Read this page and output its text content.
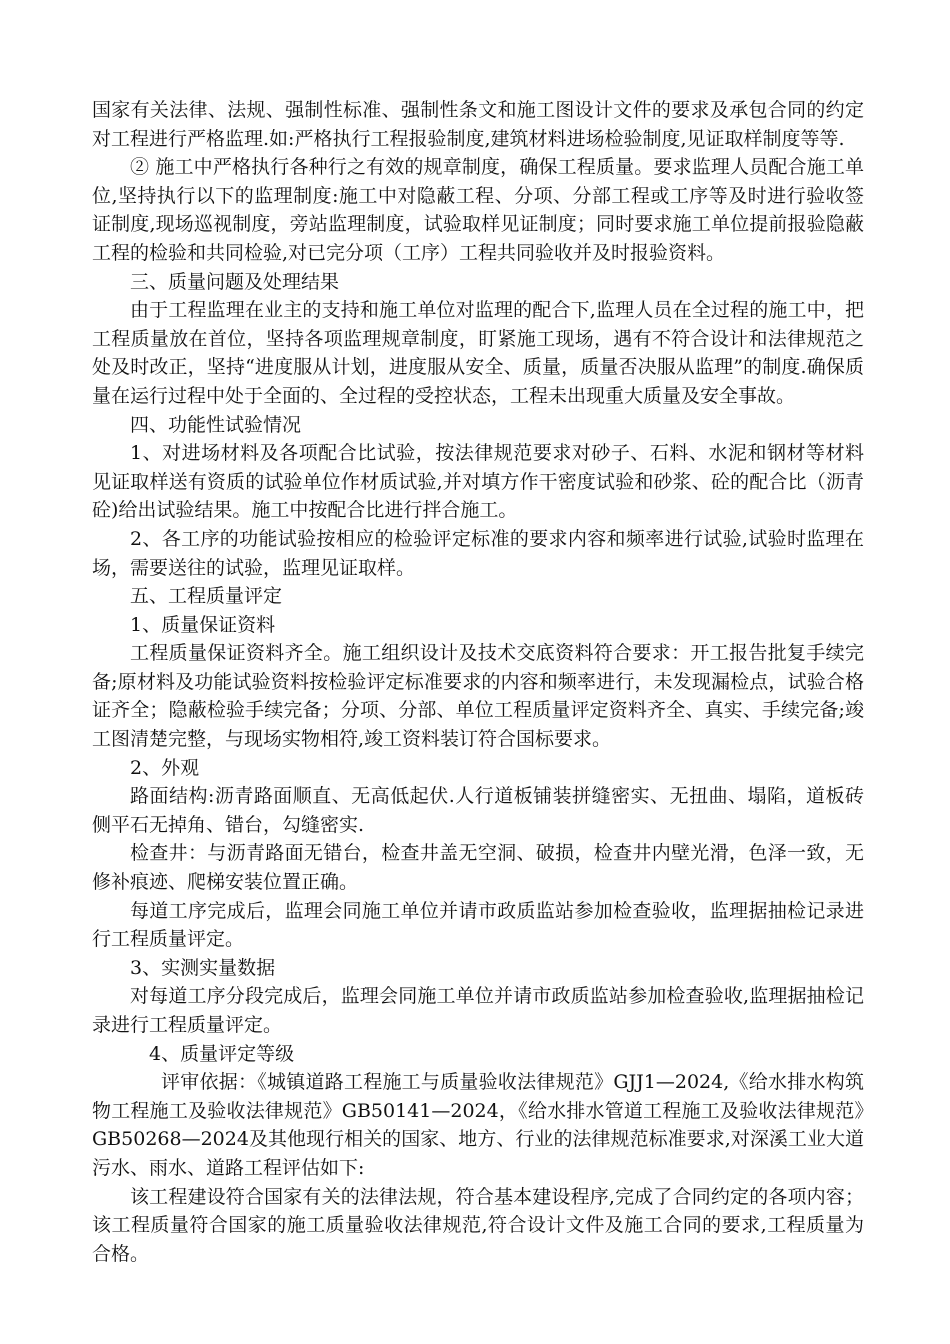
国家有关法律、法规、强制性标准、强制性条文和施工图设计文件的要求及承包合同的约定对工程进行严格监理.如:严格执行工程报验制度,建筑材料进场检验制度,见证取样制度等等.

② 施工中严格执行各种行之有效的规章制度，确保工程质量。要求监理人员配合施工单位,坚持执行以下的监理制度:施工中对隐蔽工程、分项、分部工程或工序等及时进行验收签证制度,现场巡视制度，旁站监理制度，试验取样见证制度；同时要求施工单位提前报验隐蔽工程的检验和共同检验,对已完分项（工序）工程共同验收并及时报验资料。

三、质量问题及处理结果

由于工程监理在业主的支持和施工单位对监理的配合下,监理人员在全过程的施工中，把工程质量放在首位，坚持各项监理规章制度，盯紧施工现场，遇有不符合设计和法律规范之处及时改正，坚持“进度服从计划，进度服从安全、质量，质量否决服从监理”的制度.确保质量在运行过程中处于全面的、全过程的受控状态，工程未出现重大质量及安全事故。

四、功能性试验情况

1、对进场材料及各项配合比试验，按法律规范要求对砂子、石料、水泥和钢材等材料见证取样送有资质的试验单位作材质试验,并对填方作干密度试验和砂浆、砼的配合比（沥青砼)给出试验结果。施工中按配合比进行拌合施工。

2、各工序的功能试验按相应的检验评定标准的要求内容和频率进行试验,试验时监理在场，需要送往的试验，监理见证取样。

五、工程质量评定

1、质量保证资料

工程质量保证资料齐全。施工组织设计及技术交底资料符合要求：开工报告批复手续完备;原材料及功能试验资料按检验评定标准要求的内容和频率进行，未发现漏检点，试验合格证齐全；隐蔽检验手续完备；分项、分部、单位工程质量评定资料齐全、真实、手续完备;竣工图清楚完整，与现场实物相符,竣工资料装订符合国标要求。

2、外观

路面结构:沥青路面顺直、无高低起伏.人行道板铺装拼缝密实、无扭曲、塌陷，道板砖侧平石无掉角、错台，勾缝密实.

检查井：与沥青路面无错台，检查井盖无空洞、破损，检查井内壁光滑，色泽一致，无修补痕迹、爬梯安装位置正确。

每道工序完成后，监理会同施工单位并请市政质监站参加检查验收，监理据抽检记录进行工程质量评定。

3、实测实量数据

对每道工序分段完成后，监理会同施工单位并请市政质监站参加检查验收,监理据抽检记录进行工程质量评定。

4、质量评定等级

评审依据：《城镇道路工程施工与质量验收法律规范》GJJ1—2024,《给水排水构筑物工程施工及验收法律规范》GB50141—2024，《给水排水管道工程施工及验收法律规范》GB50268—2024及其他现行相关的国家、地方、行业的法律规范标准要求,对深溪工业大道污水、雨水、道路工程评估如下:

该工程建设符合国家有关的法律法规，符合基本建设程序,完成了合同约定的各项内容；该工程质量符合国家的施工质量验收法律规范,符合设计文件及施工合同的要求,工程质量为合格。
